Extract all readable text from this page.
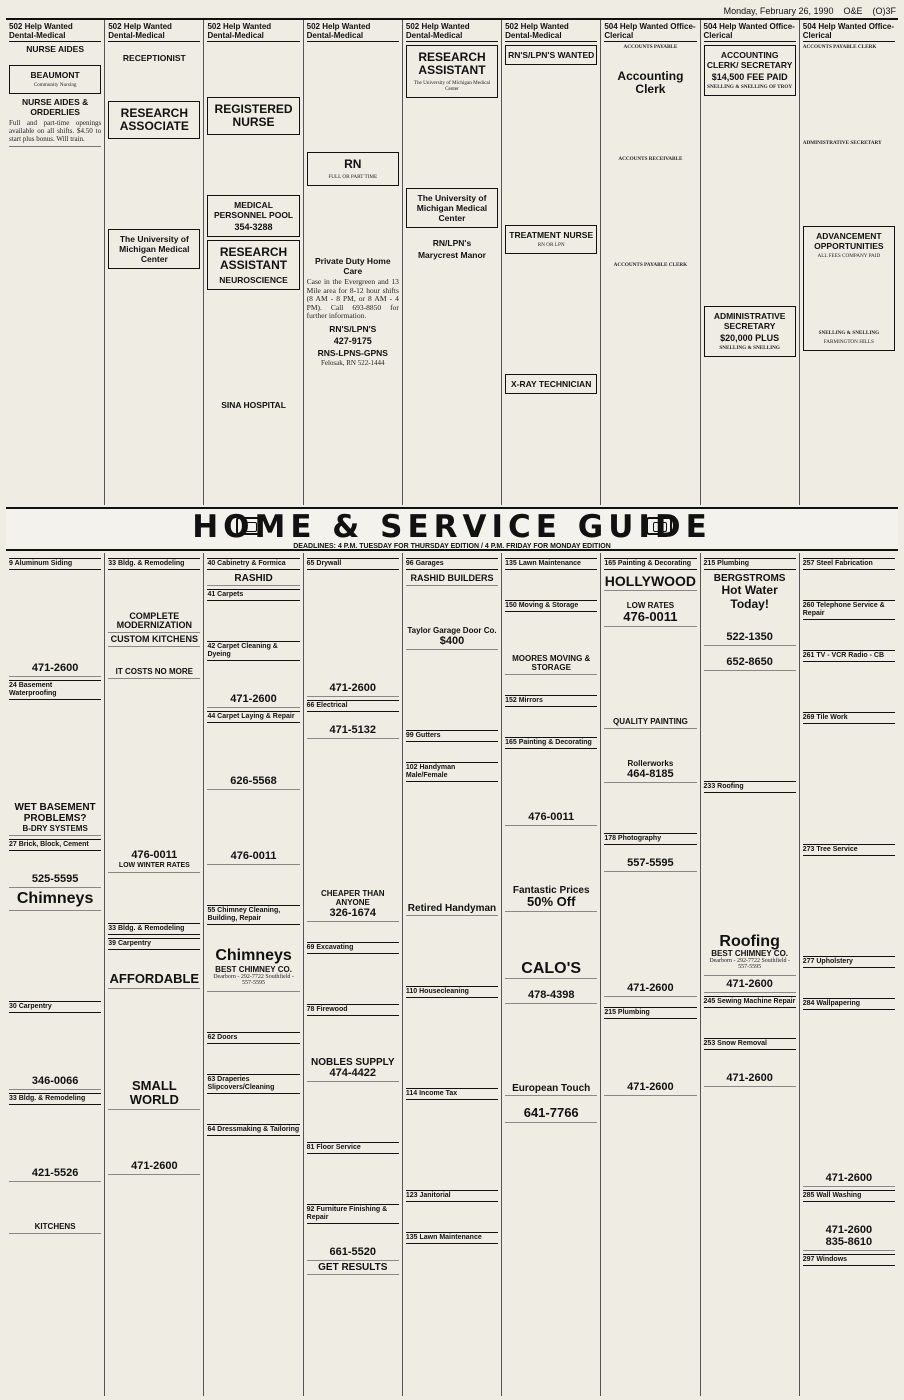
Monday, February 26, 1990 O&E (O)3F
502 Help Wanted Dental-Medical
NURSE AIDES

BEAUMONT
Community Nursing
NURSE AIDES & ORDERLIES
Full and part-time openings available on all shifts. $4.50 to start plus bonus. Will train.
502 Help Wanted Dental-Medical

RECEPTIONIST

RESEARCH ASSOCIATE
The University of Michigan Medical Center
502 Help Wanted Dental-Medical
REGISTERED NURSE
MEDICAL PERSONNEL POOL
354-3288
RESEARCH ASSISTANT
NEUROSCIENCE
SINA HOSPITAL
502 Help Wanted Dental-Medical
RN
FULL OR PART TIME
Private Duty Home Care
Case in the Evergreen and 13 Mile area for 8-12 hour shifts (8 AM - 8 PM, or 8 AM - 4 PM). Call 693-8850 for further information.
RN'S/LPN'S
427-9175
RNS-LPNS-GPNS
Felosak, RN 522-1444
502 Help Wanted Dental-Medical
RESEARCH ASSISTANT
The University of Michigan Medical Center
The University of Michigan Medical Center
RN/LPN's
Marycrest Manor
502 Help Wanted Dental-Medical
RN'S/LPN'S WANTED
TREATMENT NURSE
RN OR LPN
X-RAY TECHNICIAN
504 Help Wanted Office-Clerical
ACCOUNTS PAYABLE
Accounting Clerk
ACCOUNTS RECEIVABLE
ACCOUNTS PAYABLE CLERK
504 Help Wanted Office-Clerical
ACCOUNTING CLERK/ SECRETARY
$14,500 FEE PAID
SNELLING & SNELLING OF TROY
ADMINISTRATIVE SECRETARY
$20,000 PLUS
SNELLING & SNELLING
504 Help Wanted Office-Clerical
ACCOUNTS PAYABLE CLERK
ADMINISTRATIVE SECRETARY
ADVANCEMENT OPPORTUNITIES
ALL FEES COMPANY PAID
SNELLING & SNELLING
FARMINGTON HILLS
HOME & SERVICE GUIDE
DEADLINES: 4 P.M. TUESDAY FOR THURSDAY EDITION / 4 P.M. FRIDAY FOR MONDAY EDITION
9 Aluminum Siding
471-2600
24 Basement Waterproofing
WET BASEMENT PROBLEMS?
B-DRY SYSTEMS
27 Brick, Block, Cement
525-5595
Chimneys
30 Carpentry
346-0066
33 Bldg. & Remodeling
421-5526
KITCHENS
33 Bldg. & Remodeling
COMPLETE MODERNIZATION
CUSTOM KITCHENS
IT COSTS NO MORE
476-0011
LOW WINTER RATES
33 Bldg. & Remodeling
39 Carpentry
AFFORDABLE
SMALL WORLD
471-2600
40 Cabinetry & Formica
RASHID
41 Carpets
42 Carpet Cleaning & Dyeing
471-2600
44 Carpet Laying & Repair
626-5568
476-0011
55 Chimney Cleaning, Building, Repair
Chimneys
BEST CHIMNEY CO.
Dearborn - 292-7722 Southfield - 557-5595
62 Doors
63 Draperies Slipcovers/Cleaning
64 Dressmaking & Tailoring
65 Drywall
471-2600
66 Electrical
471-5132
CHEAPER THAN ANYONE
326-1674
69 Excavating
78 Firewood
NOBLES SUPPLY
474-4422
81 Floor Service
92 Furniture Finishing & Repair
661-5520
GET RESULTS
96 Garages
RASHID BUILDERS
Taylor Garage Door Co.
$400
99 Gutters
102 Handyman Male/Female
Retired Handyman
110 Housecleaning
114 Income Tax
123 Janitorial
135 Lawn Maintenance
135 Lawn Maintenance
150 Moving & Storage
MOORES MOVING & STORAGE
152 Mirrors
165 Painting & Decorating
476-0011
Fantastic Prices
50% Off
CALO'S
478-4398
European Touch
641-7766
165 Painting & Decorating
HOLLYWOOD
LOW RATES
476-0011
QUALITY PAINTING
Rollerworks
464-8185
178 Photography
557-5595
471-2600
215 Plumbing
471-2600
215 Plumbing
BERGSTROMS
Hot Water Today!
522-1350
652-8650
233 Roofing
Roofing
BEST CHIMNEY CO.
Dearborn - 292-7722 Southfield - 557-5595
471-2600
245 Sewing Machine Repair
253 Snow Removal
471-2600
257 Steel Fabrication
260 Telephone Service & Repair
261 TV - VCR Radio - CB
269 Tile Work
273 Tree Service
277 Upholstery
284 Wallpapering
471-2600
285 Wall Washing
471-2600
835-8610
297 Windows
